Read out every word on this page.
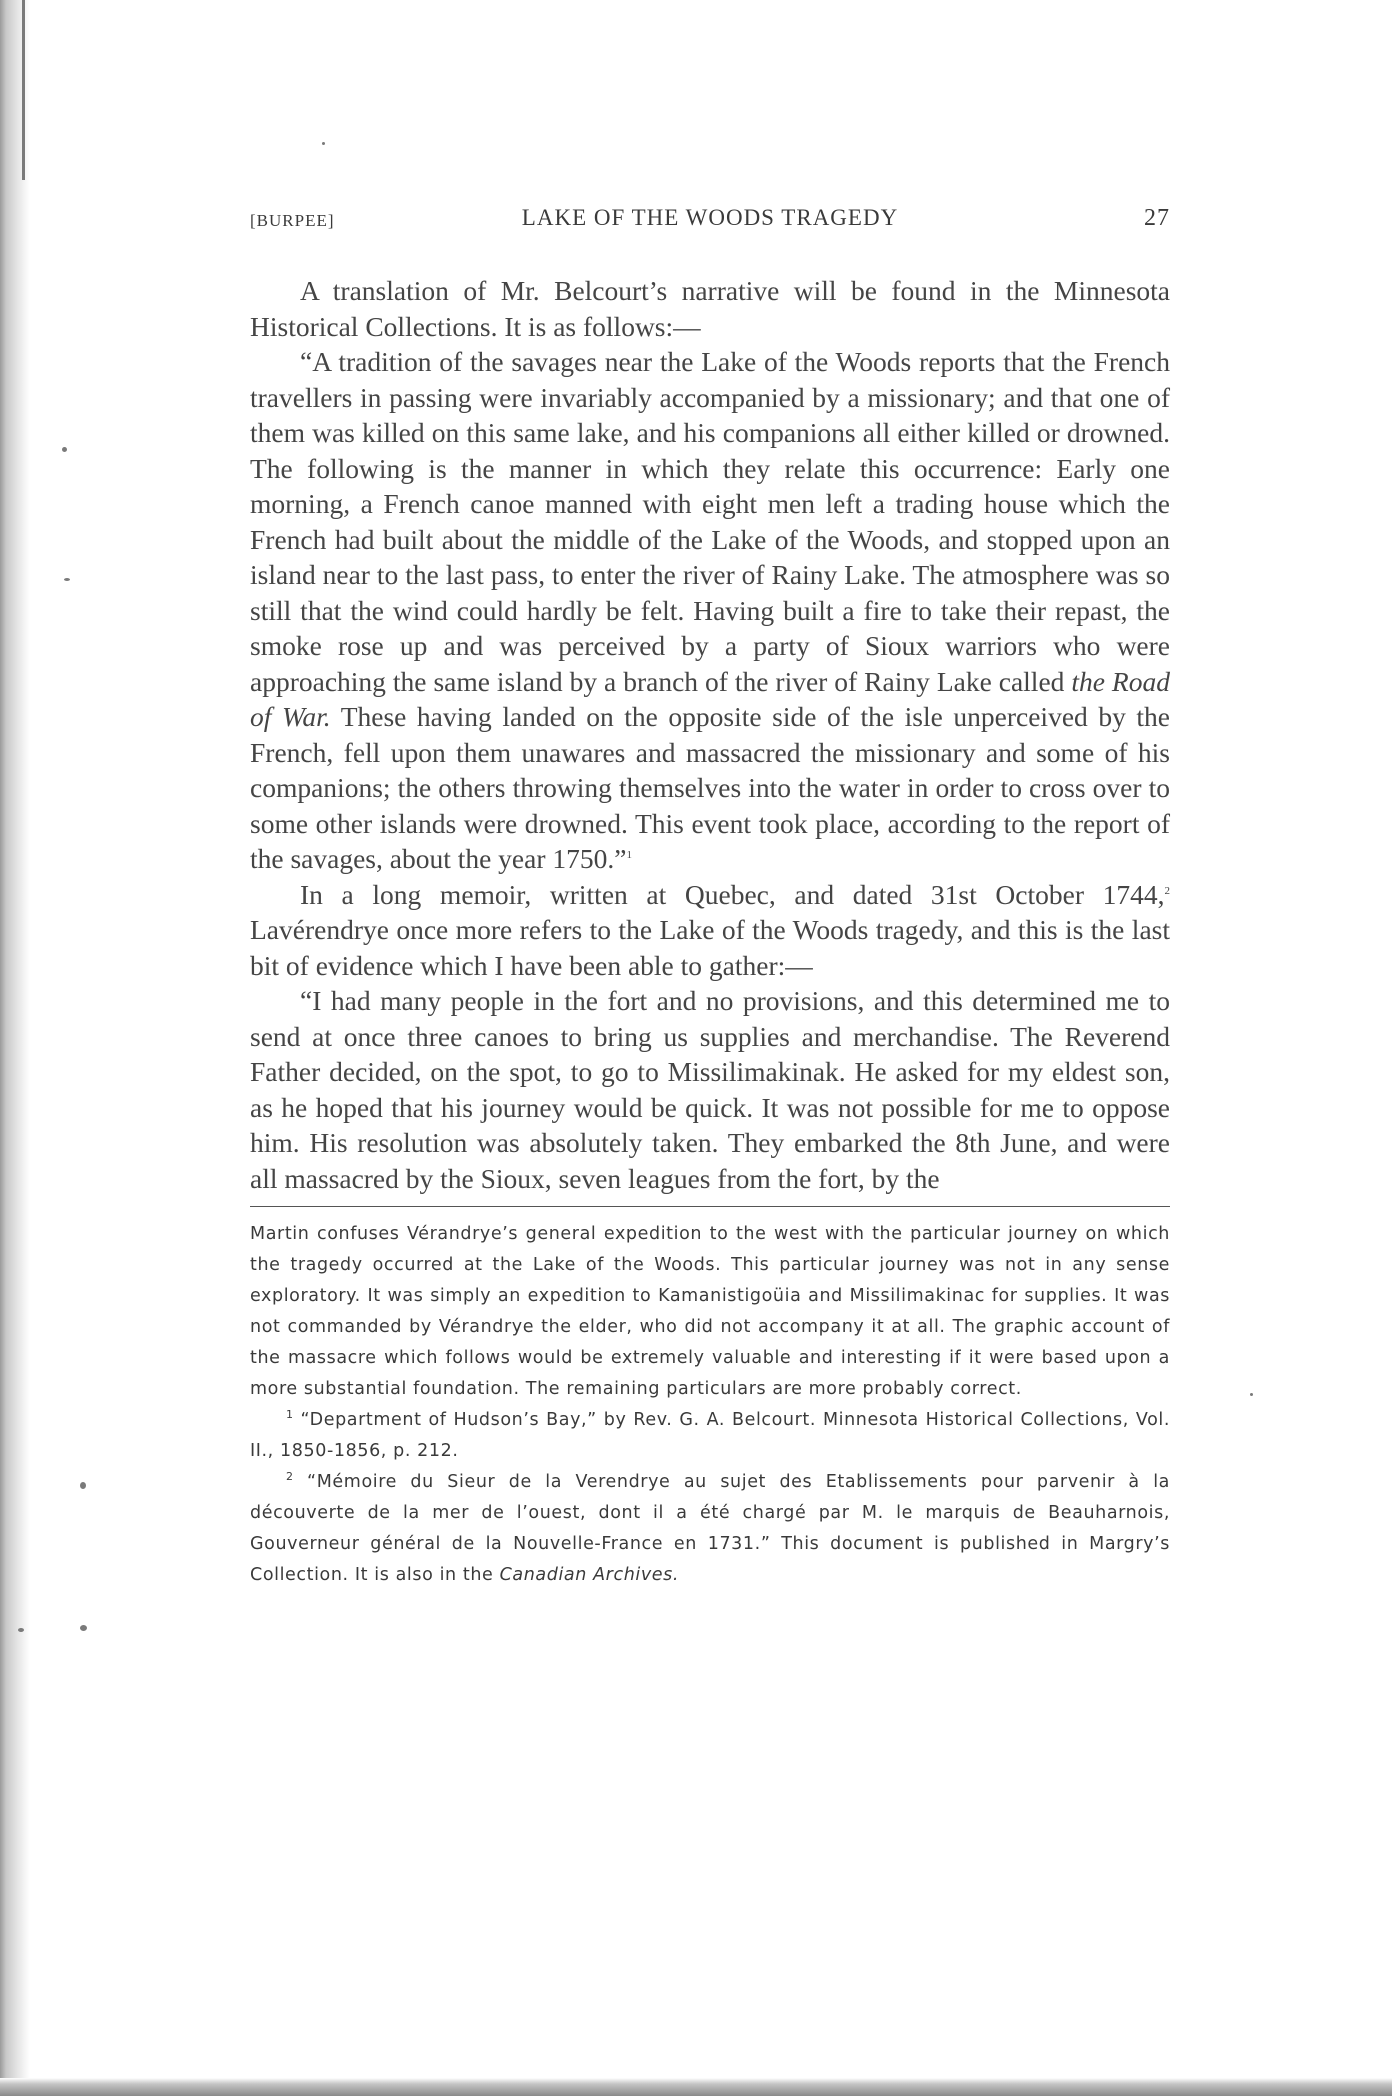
[BURPEE]	LAKE OF THE WOODS TRAGEDY	27

A translation of Mr. Belcourt’s narrative will be found in the Minnesota Historical Collections. It is as follows:—

“A tradition of the savages near the Lake of the Woods reports that the French travellers in passing were invariably accompanied by a missionary; and that one of them was killed on this same lake, and his companions all either killed or drowned. The following is the manner in which they relate this occurrence: Early one morning, a French canoe manned with eight men left a trading house which the French had built about the middle of the Lake of the Woods, and stopped upon an island near to the last pass, to enter the river of Rainy Lake. The atmosphere was so still that the wind could hardly be felt. Having built a fire to take their repast, the smoke rose up and was perceived by a party of Sioux warriors who were approaching the same island by a branch of the river of Rainy Lake called the Road of War. These having landed on the opposite side of the isle unperceived by the French, fell upon them unawares and massacred the missionary and some of his companions; the others throwing themselves into the water in order to cross over to some other islands were drowned. This event took place, according to the report of the savages, about the year 1750.”$^1$

In a long memoir, written at Quebec, and dated 31st October 1744,$^2$ Lavérendrye once more refers to the Lake of the Woods tragedy, and this is the last bit of evidence which I have been able to gather:—

“I had many people in the fort and no provisions, and this determined me to send at once three canoes to bring us supplies and merchandise. The Reverend Father decided, on the spot, to go to Missilimakinak. He asked for my eldest son, as he hoped that his journey would be quick. It was not possible for me to oppose him. His resolution was absolutely taken. They embarked the 8th June, and were all massacred by the Sioux, seven leagues from the fort, by the

Martin confuses Vérandrye’s general expedition to the west with the particular journey on which the tragedy occurred at the Lake of the Woods. This particular journey was not in any sense exploratory. It was simply an expedition to Kamanistigoüia and Missilimakinac for supplies. It was not commanded by Vérandrye the elder, who did not accompany it at all. The graphic account of the massacre which follows would be extremely valuable and interesting if it were based upon a more substantial foundation. The remaining particulars are more probably correct.

$^1$ “Department of Hudson’s Bay,” by Rev. G. A. Belcourt. Minnesota Historical Collections, Vol. II., 1850-1856, p. 212.

$^2$ “Mémoire du Sieur de la Verendrye au sujet des Etablissements pour parvenir à la découverte de la mer de l’ouest, dont il a été chargé par M. le marquis de Beauharnois, Gouverneur général de la Nouvelle-France en 1731.” This document is published in Margry’s Collection. It is also in the Canadian Archives.
